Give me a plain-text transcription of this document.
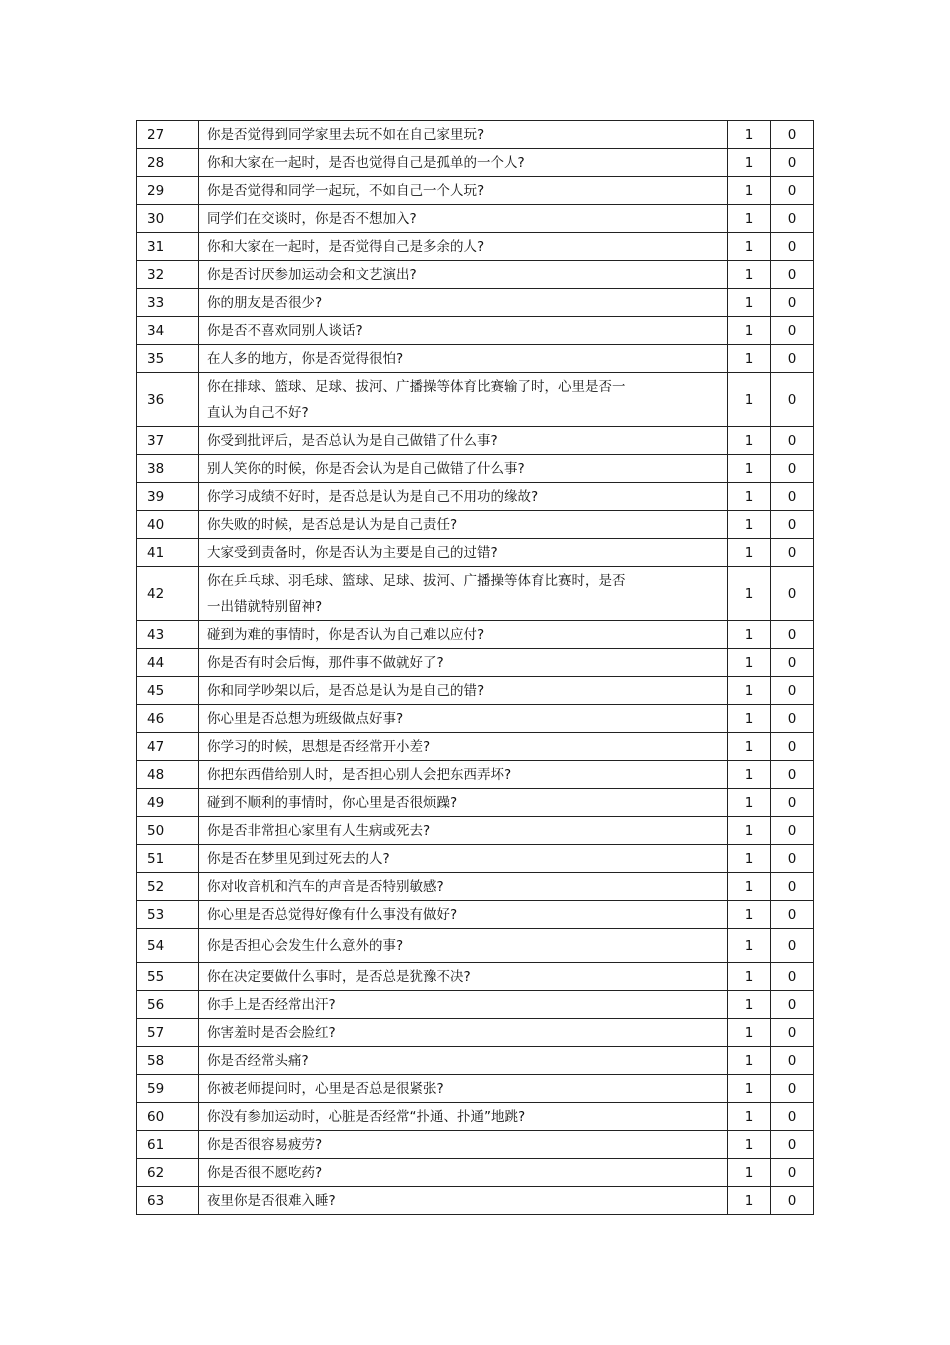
27	你是否觉得到同学家里去玩不如在自己家里玩?	1	0
28	你和大家在一起时，是否也觉得自己是孤单的一个人?	1	0
29	你是否觉得和同学一起玩，不如自己一个人玩?	1	0
30	同学们在交谈时，你是否不想加入?	1	0
31	你和大家在一起时，是否觉得自己是多余的人?	1	0
32	你是否讨厌参加运动会和文艺演出?	1	0
33	你的朋友是否很少?	1	0
34	你是否不喜欢同别人谈话?	1	0
35	在人多的地方，你是否觉得很怕?	1	0
36	你在排球、篮球、足球、拔河、广播操等体育比赛输了时，心里是否一
直认为自己不好?	1	0
37	你受到批评后，是否总认为是自己做错了什么事?	1	0
38	别人笑你的时候，你是否会认为是自己做错了什么事?	1	0
39	你学习成绩不好时，是否总是认为是自己不用功的缘故?	1	0
40	你失败的时候，是否总是认为是自己责任?	1	0
41	大家受到责备时，你是否认为主要是自己的过错?	1	0
42	你在乒乓球、羽毛球、篮球、足球、拔河、广播操等体育比赛时，是否
一出错就特别留神?	1	0
43	碰到为难的事情时，你是否认为自己难以应付?	1	0
44	你是否有时会后悔，那件事不做就好了?	1	0
45	你和同学吵架以后，是否总是认为是自己的错?	1	0
46	你心里是否总想为班级做点好事?	1	0
47	你学习的时候，思想是否经常开小差?	1	0
48	你把东西借给别人时，是否担心别人会把东西弄坏?	1	0
49	碰到不顺利的事情时，你心里是否很烦躁?	1	0
50	你是否非常担心家里有人生病或死去?	1	0
51	你是否在梦里见到过死去的人?	1	0
52	你对收音机和汽车的声音是否特别敏感?	1	0
53	你心里是否总觉得好像有什么事没有做好?	1	0
54	你是否担心会发生什么意外的事?	1	0
55	你在决定要做什么事时，是否总是犹豫不决?	1	0
56	你手上是否经常出汗?	1	0
57	你害羞时是否会脸红?	1	0
58	你是否经常头痛?	1	0
59	你被老师提问时，心里是否总是很紧张?	1	0
60	你没有参加运动时，心脏是否经常“扑通、扑通”地跳?	1	0
61	你是否很容易疲劳?	1	0
62	你是否很不愿吃药?	1	0
63	夜里你是否很难入睡?	1	0
